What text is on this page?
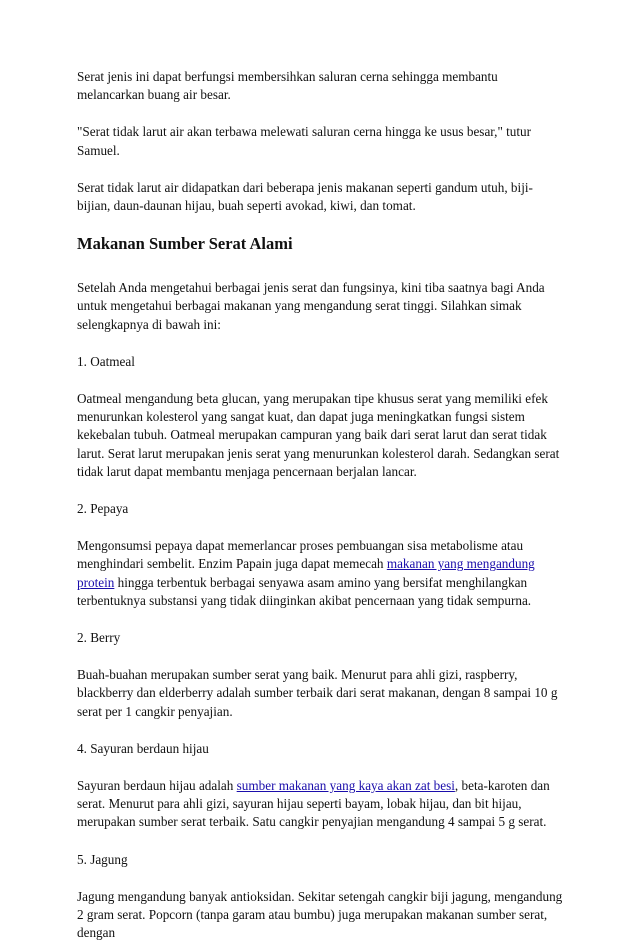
Serat jenis ini dapat berfungsi membersihkan saluran cerna sehingga membantu melancarkan buang air besar.

"Serat tidak larut air akan terbawa melewati saluran cerna hingga ke usus besar," tutur Samuel.

Serat tidak larut air didapatkan dari beberapa jenis makanan seperti gandum utuh, biji-bijian, daun-daunan hijau, buah seperti avokad, kiwi, dan tomat.

Makanan Sumber Serat Alami

Setelah Anda mengetahui berbagai jenis serat dan fungsinya, kini tiba saatnya bagi Anda untuk mengetahui berbagai makanan yang mengandung serat tinggi. Silahkan simak selengkapnya di bawah ini:

1. Oatmeal

Oatmeal mengandung beta glucan, yang merupakan tipe khusus serat yang memiliki efek menurunkan kolesterol yang sangat kuat, dan dapat juga meningkatkan fungsi sistem kekebalan tubuh. Oatmeal merupakan campuran yang baik dari serat larut dan serat tidak larut. Serat larut merupakan jenis serat yang menurunkan kolesterol darah. Sedangkan serat tidak larut dapat membantu menjaga pencernaan berjalan lancar.

2. Pepaya

Mengonsumsi pepaya dapat memerlancar proses pembuangan sisa metabolisme atau menghindari sembelit. Enzim Papain juga dapat memecah makanan yang mengandung protein hingga terbentuk berbagai senyawa asam amino yang bersifat menghilangkan terbentuknya substansi yang tidak diinginkan akibat pencernaan yang tidak sempurna.

2. Berry

Buah-buahan merupakan sumber serat yang baik. Menurut para ahli gizi, raspberry, blackberry dan elderberry adalah sumber terbaik dari serat makanan, dengan 8 sampai 10 g serat per 1 cangkir penyajian.

4. Sayuran berdaun hijau

Sayuran berdaun hijau adalah sumber makanan yang kaya akan zat besi, beta-karoten dan serat. Menurut para ahli gizi, sayuran hijau seperti bayam, lobak hijau, dan bit hijau, merupakan sumber serat terbaik. Satu cangkir penyajian mengandung 4 sampai 5 g serat.

5. Jagung

Jagung mengandung banyak antioksidan. Sekitar setengah cangkir biji jagung, mengandung 2 gram serat. Popcorn (tanpa garam atau bumbu) juga merupakan makanan sumber serat, dengan
